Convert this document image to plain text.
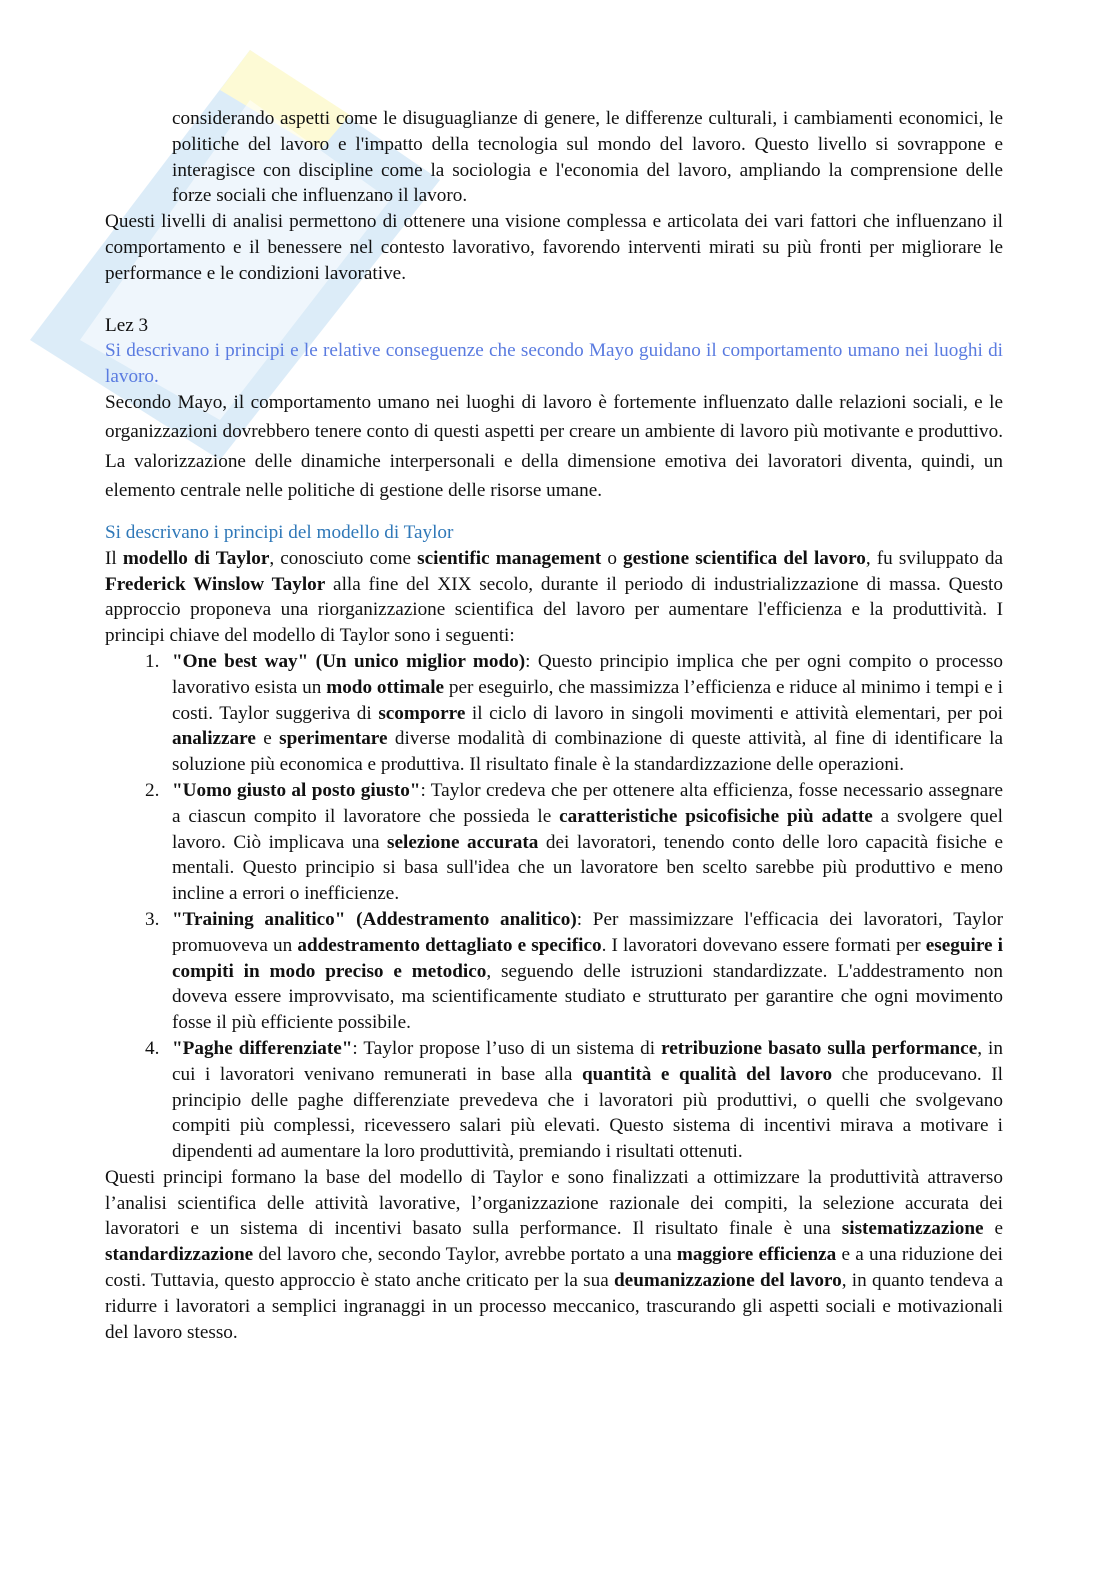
considerando aspetti come le disuguaglianze di genere, le differenze culturali, i cambiamenti economici, le politiche del lavoro e l'impatto della tecnologia sul mondo del lavoro. Questo livello si sovrappone e interagisce con discipline come la sociologia e l'economia del lavoro, ampliando la comprensione delle forze sociali che influenzano il lavoro.

Questi livelli di analisi permettono di ottenere una visione complessa e articolata dei vari fattori che influenzano il comportamento e il benessere nel contesto lavorativo, favorendo interventi mirati su più fronti per migliorare le performance e le condizioni lavorative.

Lez 3

Si descrivano i principi e le relative conseguenze che secondo Mayo guidano il comportamento umano nei luoghi di lavoro.

Secondo Mayo, il comportamento umano nei luoghi di lavoro è fortemente influenzato dalle relazioni sociali, e le organizzazioni dovrebbero tenere conto di questi aspetti per creare un ambiente di lavoro più motivante e produttivo. La valorizzazione delle dinamiche interpersonali e della dimensione emotiva dei lavoratori diventa, quindi, un elemento centrale nelle politiche di gestione delle risorse umane.

Si descrivano i principi del modello di Taylor

Il modello di Taylor, conosciuto come scientific management o gestione scientifica del lavoro, fu sviluppato da Frederick Winslow Taylor alla fine del XIX secolo, durante il periodo di industrializzazione di massa. Questo approccio proponeva una riorganizzazione scientifica del lavoro per aumentare l'efficienza e la produttività. I principi chiave del modello di Taylor sono i seguenti:

1. "One best way" (Un unico miglior modo): Questo principio implica che per ogni compito o processo lavorativo esista un modo ottimale per eseguirlo, che massimizza l’efficienza e riduce al minimo i tempi e i costi. Taylor suggeriva di scomporre il ciclo di lavoro in singoli movimenti e attività elementari, per poi analizzare e sperimentare diverse modalità di combinazione di queste attività, al fine di identificare la soluzione più economica e produttiva. Il risultato finale è la standardizzazione delle operazioni.
2. "Uomo giusto al posto giusto": Taylor credeva che per ottenere alta efficienza, fosse necessario assegnare a ciascun compito il lavoratore che possieda le caratteristiche psicofisiche più adatte a svolgere quel lavoro. Ciò implicava una selezione accurata dei lavoratori, tenendo conto delle loro capacità fisiche e mentali. Questo principio si basa sull'idea che un lavoratore ben scelto sarebbe più produttivo e meno incline a errori o inefficienze.
3. "Training analitico" (Addestramento analitico): Per massimizzare l'efficacia dei lavoratori, Taylor promuoveva un addestramento dettagliato e specifico. I lavoratori dovevano essere formati per eseguire i compiti in modo preciso e metodico, seguendo delle istruzioni standardizzate. L'addestramento non doveva essere improvvisato, ma scientificamente studiato e strutturato per garantire che ogni movimento fosse il più efficiente possibile.
4. "Paghe differenziate": Taylor propose l’uso di un sistema di retribuzione basato sulla performance, in cui i lavoratori venivano remunerati in base alla quantità e qualità del lavoro che producevano. Il principio delle paghe differenziate prevedeva che i lavoratori più produttivi, o quelli che svolgevano compiti più complessi, ricevessero salari più elevati. Questo sistema di incentivi mirava a motivare i dipendenti ad aumentare la loro produttività, premiando i risultati ottenuti.

Questi principi formano la base del modello di Taylor e sono finalizzati a ottimizzare la produttività attraverso l’analisi scientifica delle attività lavorative, l’organizzazione razionale dei compiti, la selezione accurata dei lavoratori e un sistema di incentivi basato sulla performance. Il risultato finale è una sistematizzazione e standardizzazione del lavoro che, secondo Taylor, avrebbe portato a una maggiore efficienza e a una riduzione dei costi. Tuttavia, questo approccio è stato anche criticato per la sua deumanizzazione del lavoro, in quanto tendeva a ridurre i lavoratori a semplici ingranaggi in un processo meccanico, trascurando gli aspetti sociali e motivazionali del lavoro stesso.
